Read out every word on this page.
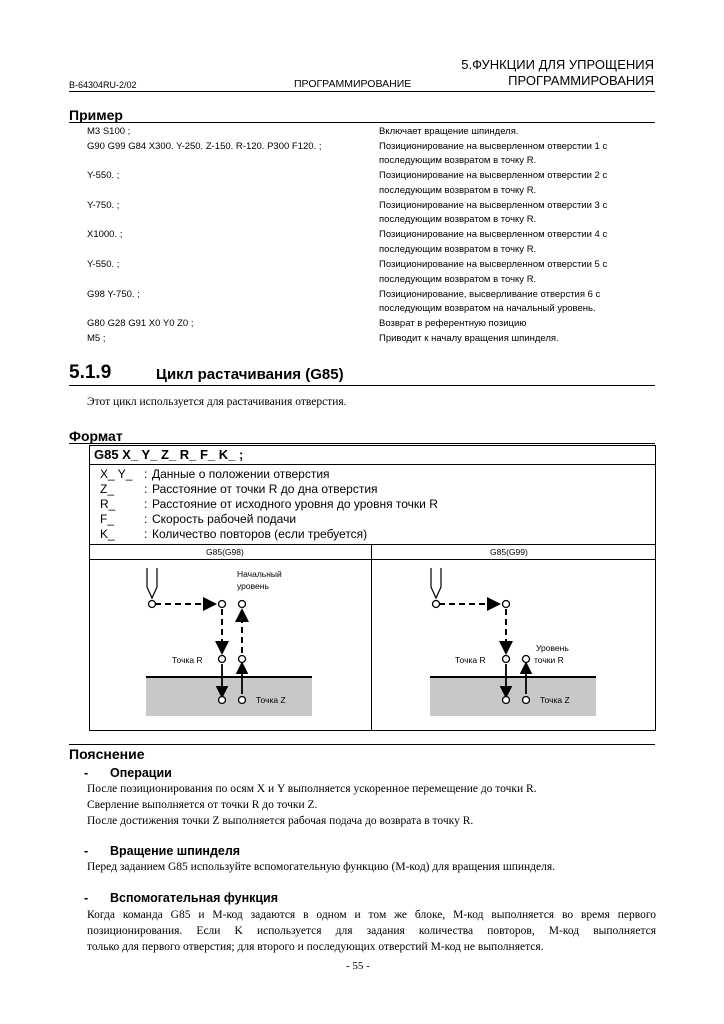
5.ФУНКЦИИ ДЛЯ УПРОЩЕНИЯ
ПРОГРАММИРОВАНИЯ
B-64304RU-2/02	ПРОГРАММИРОВАНИЕ
Пример
M3 S100 ;	Включает вращение шпинделя.
G90 G99 G84 X300. Y-250. Z-150. R-120. P300 F120. ;	Позиционирование на высверленном отверстии 1 с
последующим возвратом в точку R.
Y-550. ;	Позиционирование на высверленном отверстии 2 с
последующим возвратом в точку R.
Y-750. ;	Позиционирование на высверленном отверстии 3 с
последующим возвратом в точку R.
X1000. ;	Позиционирование на высверленном отверстии 4 с
последующим возвратом в точку R.
Y-550. ;	Позиционирование на высверленном отверстии 5 с
последующим возвратом в точку R.
G98 Y-750. ;	Позиционирование, высверливание отверстия 6 с
последующим возвратом на начальный уровень.
G80 G28 G91 X0 Y0 Z0 ;	Возврат в референтную позицию
M5 ;	Приводит к началу вращения шпинделя.
5.1.9	Цикл растачивания (G85)
Этот цикл используется для растачивания отверстия.
Формат
G85 X_ Y_ Z_ R_ F_ K_ ;
X_ Y_ : Данные о положении отверстия
Z_ : Расстояние от точки R до дна отверстия
R_ : Расстояние от исходного уровня до уровня точки R
F_ : Скорость рабочей подачи
K_ : Количество повторов (если требуется)
G85(G98)	G85(G99)
Начальный
уровень
Точка R
Точка Z
Уровень
точки R
Точка R
Точка Z
Пояснение
- Операции
После позиционирования по осям X и Y выполняется ускоренное перемещение до точки R.
Сверление выполняется от точки R до точки Z.
После достижения точки Z выполняется рабочая подача до возврата в точку R.
- Вращение шпинделя
Перед заданием G85 используйте вспомогательную функцию (M-код) для вращения шпинделя.
- Вспомогательная функция
Когда команда G85 и M-код задаются в одном и том же блоке, M-код выполняется во время первого
позиционирования. Если K используется для задания количества повторов, M-код выполняется
только для первого отверстия; для второго и последующих отверстий M-код не выполняется.
- 55 -
